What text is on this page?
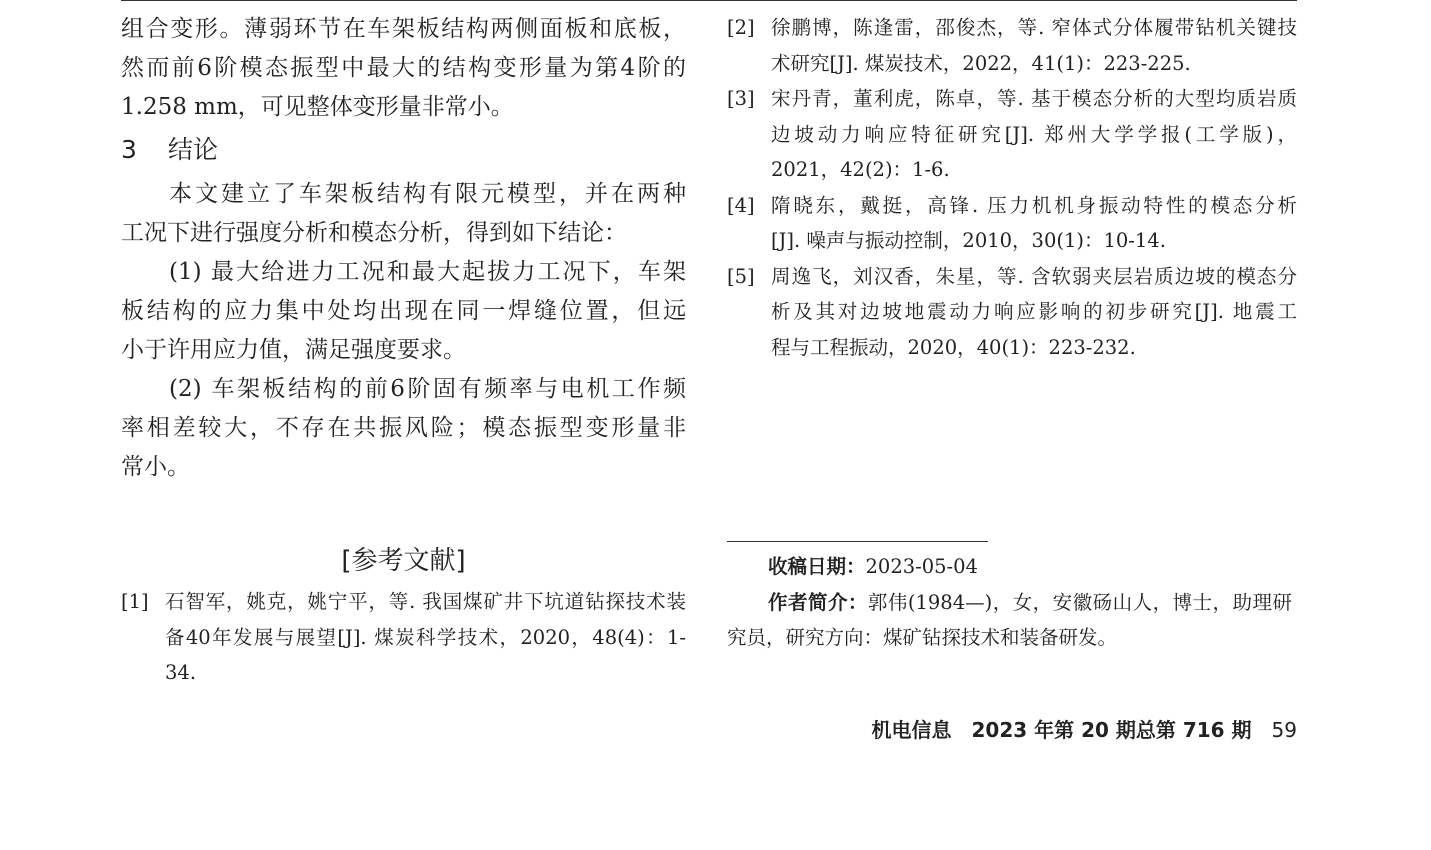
组合变形。薄弱环节在车架板结构两侧面板和底板，
然而前6阶模态振型中最大的结构变形量为第4阶的
1.258 mm，可见整体变形量非常小。

3 结论

本文建立了车架板结构有限元模型，并在两种
工况下进行强度分析和模态分析，得到如下结论：

(1) 最大给进力工况和最大起拔力工况下，车架
板结构的应力集中处均出现在同一焊缝位置，但远
小于许用应力值，满足强度要求。

(2) 车架板结构的前6阶固有频率与电机工作频
率相差较大，不存在共振风险；模态振型变形量非
常小。

[参考文献]
[1] 石智军，姚克，姚宁平，等. 我国煤矿井下坑道钻探技术装
备40年发展与展望[J]. 煤炭科学技术，2020，48(4)：1-34.
[2] 徐鹏博，陈逢雷，邵俊杰，等. 窄体式分体履带钻机关键技
术研究[J]. 煤炭技术，2022，41(1)：223-225.
[3] 宋丹青，董利虎，陈卓，等. 基于模态分析的大型均质岩质
边坡动力响应特征研究[J]. 郑州大学学报(工学版)，
2021，42(2)：1-6.
[4] 隋晓东，戴挺，高锋. 压力机机身振动特性的模态分析
[J]. 噪声与振动控制，2010，30(1)：10-14.
[5] 周逸飞，刘汉香，朱星，等. 含软弱夹层岩质边坡的模态分
析及其对边坡地震动力响应影响的初步研究[J]. 地震工
程与工程振动，2020，40(1)：223-232.
收稿日期：2023-05-04
作者简介：郭伟(1984—)，女，安徽砀山人，博士，助理研
究员，研究方向：煤矿钻探技术和装备研发。
机电信息 2023 年第 20 期总第 716 期 59
